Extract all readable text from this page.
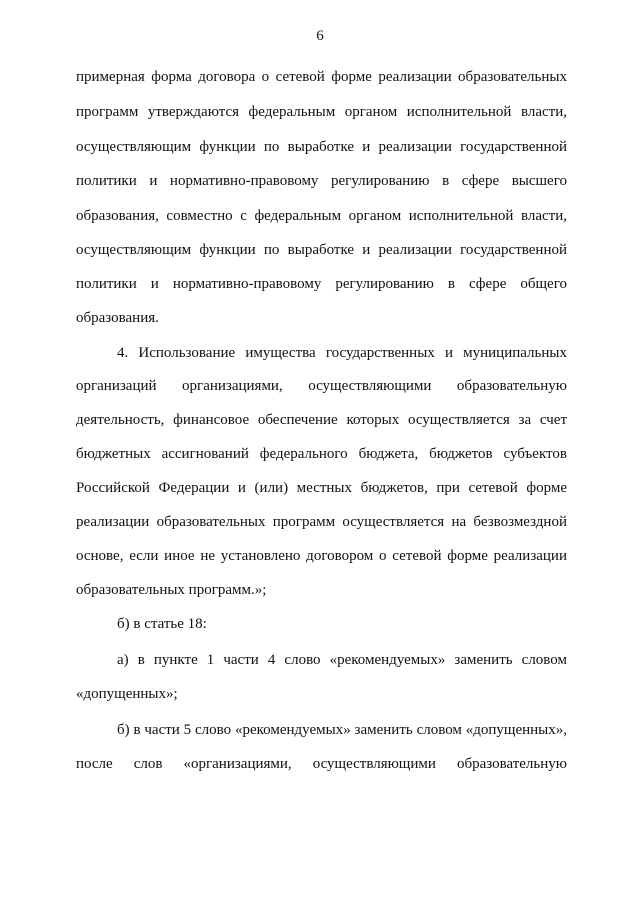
6
примерная форма договора о сетевой форме реализации образовательных
программ утверждаются федеральным органом исполнительной власти,
осуществляющим функции по выработке и реализации государственной
политики и нормативно-правовому регулированию в сфере высшего
образования, совместно с федеральным органом исполнительной власти,
осуществляющим функции по выработке и реализации государственной
политики и нормативно-правовому регулированию в сфере общего
образования.
4. Использование имущества государственных и муниципальных
организаций организациями, осуществляющими образовательную
деятельность, финансовое обеспечение которых осуществляется за счет
бюджетных ассигнований федерального бюджета, бюджетов субъектов
Российской Федерации и (или) местных бюджетов, при сетевой форме
реализации образовательных программ осуществляется на безвозмездной
основе, если иное не установлено договором о сетевой форме реализации
образовательных программ.»;
б) в статье 18:
а) в пункте 1 части 4 слово «рекомендуемых» заменить словом
«допущенных»;
б) в части 5 слово «рекомендуемых» заменить словом «допущенных»,
после слов «организациями, осуществляющими образовательную
